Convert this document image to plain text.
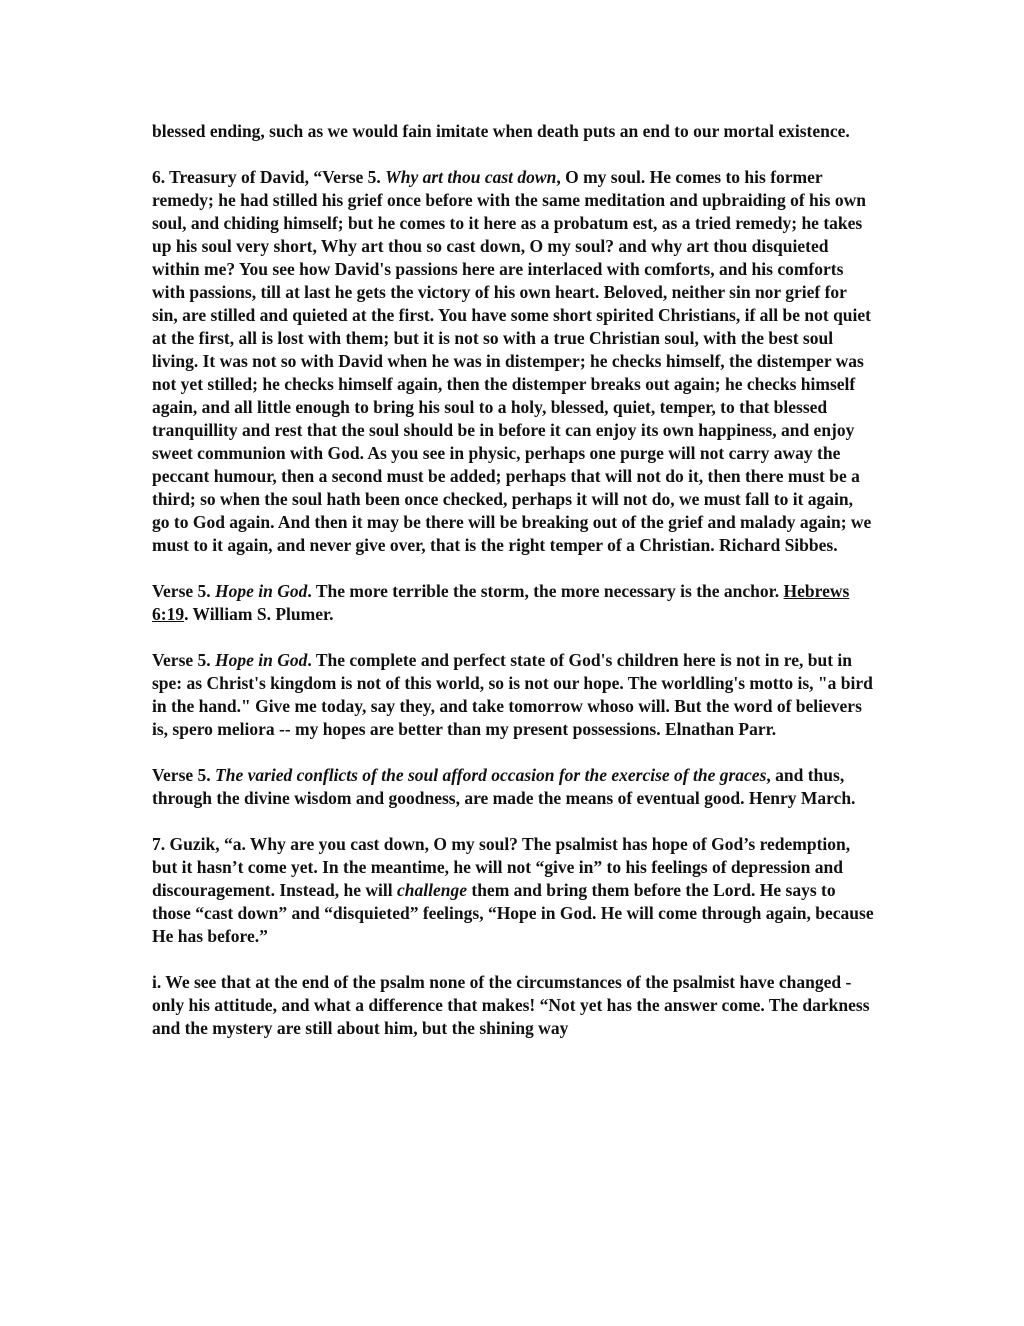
blessed ending, such as we would fain imitate when death puts an end to our mortal existence.

6. Treasury of David, “Verse 5. Why art thou cast down, O my soul. He comes to his former remedy; he had stilled his grief once before with the same meditation and upbraiding of his own soul, and chiding himself; but he comes to it here as a probatum est, as a tried remedy; he takes up his soul very short, Why art thou so cast down, O my soul? and why art thou disquieted within me? You see how David's passions here are interlaced with comforts, and his comforts with passions, till at last he gets the victory of his own heart. Beloved, neither sin nor grief for sin, are stilled and quieted at the first. You have some short spirited Christians, if all be not quiet at the first, all is lost with them; but it is not so with a true Christian soul, with the best soul living. It was not so with David when he was in distemper; he checks himself, the distemper was not yet stilled; he checks himself again, then the distemper breaks out again; he checks himself again, and all little enough to bring his soul to a holy, blessed, quiet, temper, to that blessed tranquillity and rest that the soul should be in before it can enjoy its own happiness, and enjoy sweet communion with God. As you see in physic, perhaps one purge will not carry away the peccant humour, then a second must be added; perhaps that will not do it, then there must be a third; so when the soul hath been once checked, perhaps it will not do, we must fall to it again, go to God again. And then it may be there will be breaking out of the grief and malady again; we must to it again, and never give over, that is the right temper of a Christian. Richard Sibbes.

Verse 5. Hope in God. The more terrible the storm, the more necessary is the anchor. Hebrews 6:19. William S. Plumer.

Verse 5. Hope in God. The complete and perfect state of God's children here is not in re, but in spe: as Christ's kingdom is not of this world, so is not our hope. The worldling's motto is, "a bird in the hand." Give me today, say they, and take tomorrow whoso will. But the word of believers is, spero meliora -- my hopes are better than my present possessions. Elnathan Parr.

Verse 5. The varied conflicts of the soul afford occasion for the exercise of the graces, and thus, through the divine wisdom and goodness, are made the means of eventual good. Henry March.

7. Guzik, “a. Why are you cast down, O my soul? The psalmist has hope of God’s redemption, but it hasn’t come yet. In the meantime, he will not “give in” to his feelings of depression and discouragement. Instead, he will challenge them and bring them before the Lord. He says to those “cast down” and “disquieted” feelings, “Hope in God. He will come through again, because He has before.”

i. We see that at the end of the psalm none of the circumstances of the psalmist have changed - only his attitude, and what a difference that makes! “Not yet has the answer come. The darkness and the mystery are still about him, but the shining way
